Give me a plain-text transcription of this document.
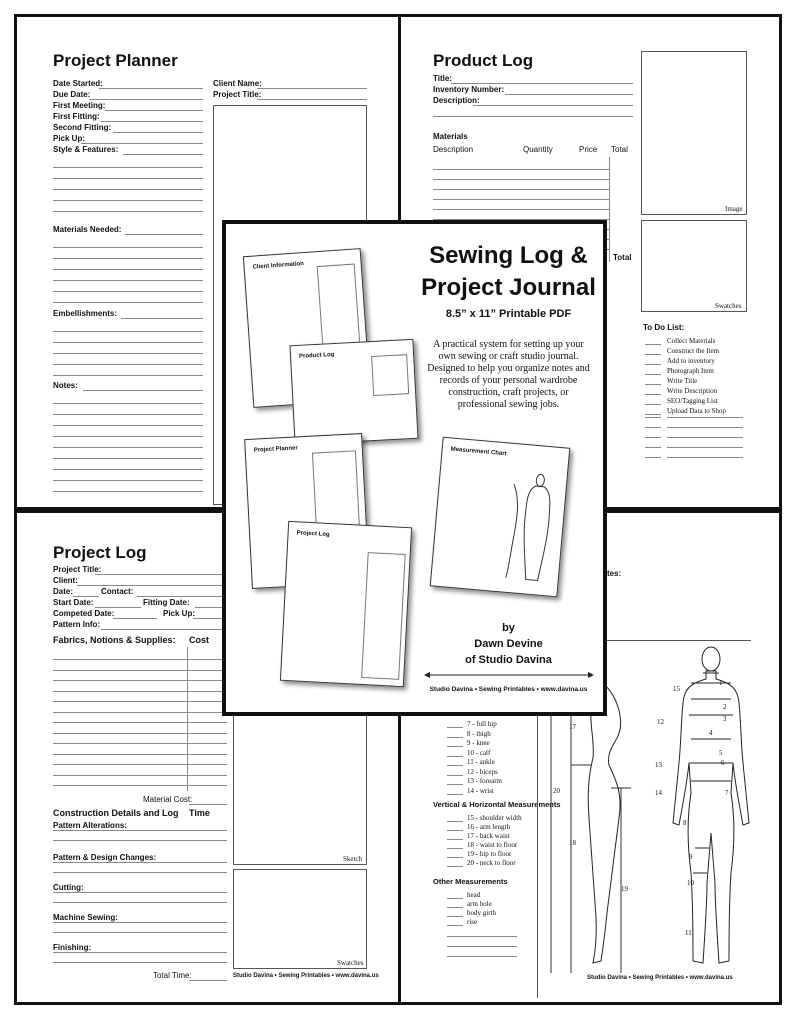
Project Planner
Date Started:
Due Date:
First Meeting:
First Fitting:
Second Fitting:
Pick Up:
Style & Features:
Client Name:
Project Title:
Materials Needed:
Embellishments:
Notes:
Product Log
Title:
Inventory Number:
Description:
Image
Swatches
Materials
Description	Quantity	Price Total
Total
To Do List:
Collect Materials
Construct the Item
Add to inventory
Photograph Item
Write Title
Write Description
SEO/Tagging List
Upload Data to Shop
Project Log
Project Title:
Client:
Date:	Contact:
Start Date:	Fitting Date:
Competed Date:	Pick Up:
Pattern Info:
Sketch
Swatches
Fabrics, Notions & Supplies: Cost
Material Cost:
Construction Details and Log Time
Pattern Alterations:
Pattern & Design Changes:
Cutting:
Machine Sewing:
Finishing:
Total Time:	Studio Davina • Sewing Printables • www.davina.us
tes:
7 - full hip
8 - thigh
9 - knee
10 - calf
11 - ankle
12 - biceps
13 - forearm
14 - wrist
Vertical & Horizontal Measurements
15 - shoulder width
16 - arm length
17 - back waist
18 - waist to floor
19 - hip to floor
20 - neck to floor
Other Measurements
head
arm hole
body girth
rise
17
20
18
19
15
1
2
3
12
4
5
6
13
7
14
8
9
10
11
Studio Davina • Sewing Printables • www.davina.us
Sewing Log &
Project Journal
8.5” x 11” Printable PDF
A practical system for setting up your own sewing or craft studio journal. Designed to help you organize notes and records of your personal wardrobe construction, craft projects, or professional sewing jobs.
Client Information
Product Log
Project Planner
Project Log
Measurement Chart
by
Dawn Devine
of Studio Davina
Studio Davina • Sewing Printables • www.davina.us
